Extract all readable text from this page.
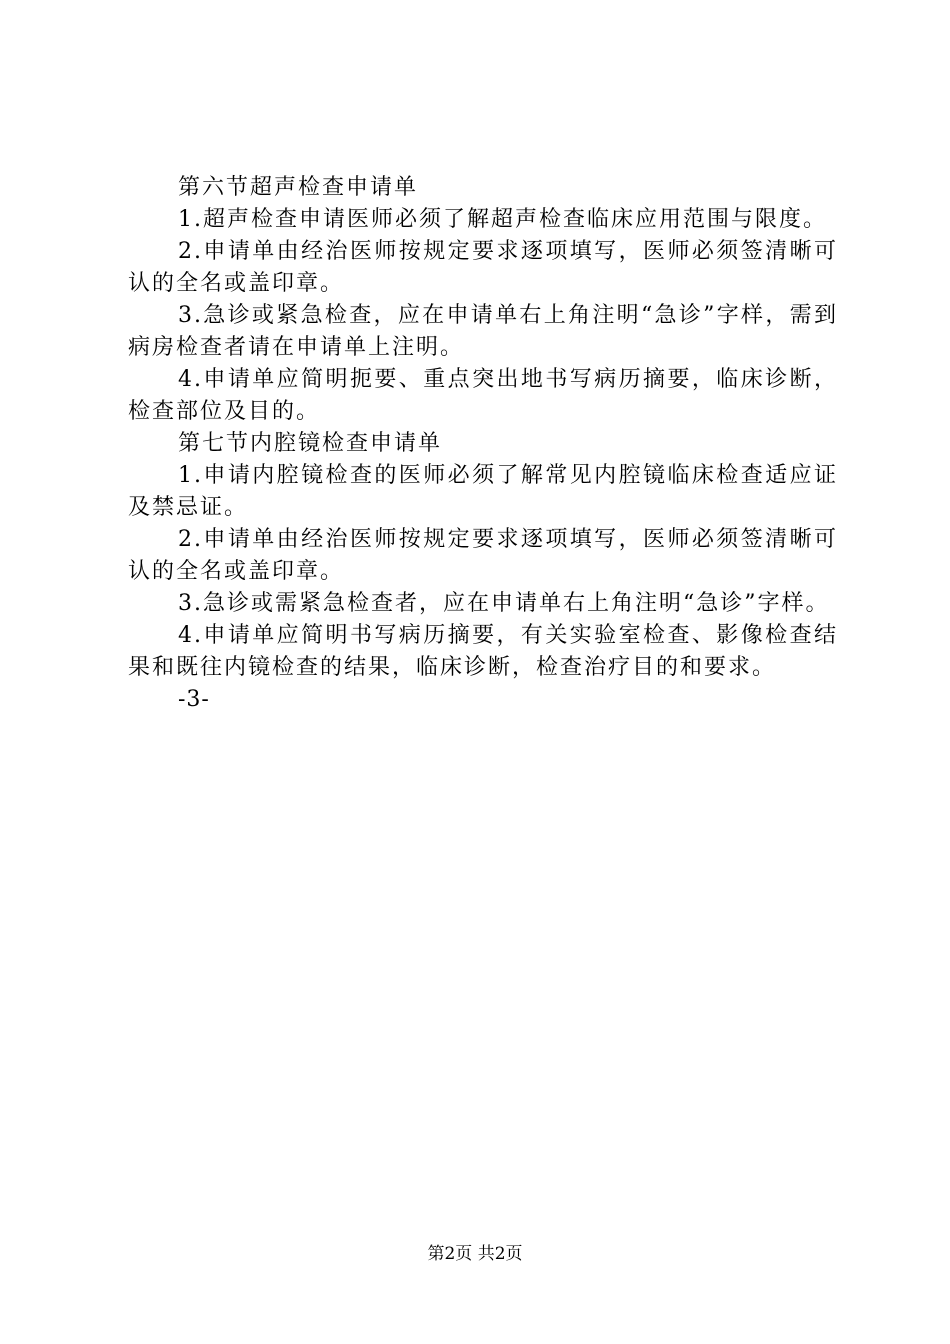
第六节超声检查申请单

1.超声检查申请医师必须了解超声检查临床应用范围与限度。

2.申请单由经治医师按规定要求逐项填写，医师必须签清晰可认的全名或盖印章。

3.急诊或紧急检查，应在申请单右上角注明“急诊”字样，需到病房检查者请在申请单上注明。

4.申请单应简明扼要、重点突出地书写病历摘要，临床诊断，检查部位及目的。

第七节内腔镜检查申请单

1.申请内腔镜检查的医师必须了解常见内腔镜临床检查适应证及禁忌证。

2.申请单由经治医师按规定要求逐项填写，医师必须签清晰可认的全名或盖印章。

3.急诊或需紧急检查者，应在申请单右上角注明“急诊”字样。

4.申请单应简明书写病历摘要，有关实验室检查、影像检查结果和既往内镜检查的结果，临床诊断，检查治疗目的和要求。

-3-

第2页 共2页
